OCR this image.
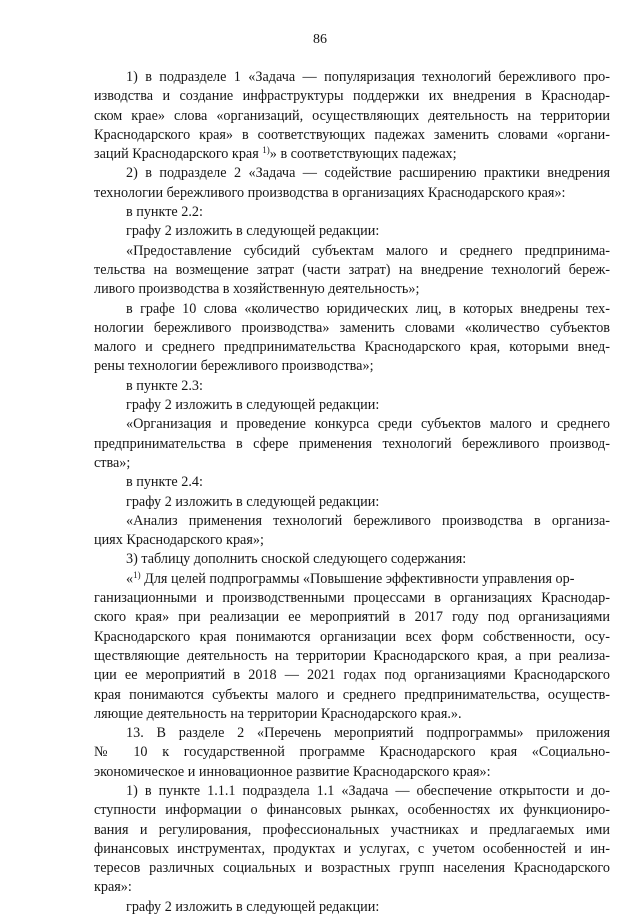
86
1) в подразделе 1 «Задача — популяризация технологий бережливого про-
изводства и создание инфраструктуры поддержки их внедрения в Краснодар-
ском крае» слова «организаций, осуществляющих деятельность на территории
Краснодарского края» в соответствующих падежах заменить словами «органи-
заций Краснодарского края $^{1)}$» в соответствующих падежах;
2) в подразделе 2 «Задача — содействие расширению практики внедрения
технологии бережливого производства в организациях Краснодарского края»:
в пункте 2.2:
графу 2 изложить в следующей редакции:
«Предоставление субсидий субъектам малого и среднего предпринима-
тельства на возмещение затрат (части затрат) на внедрение технологий береж-
ливого производства в хозяйственную деятельность»;
в графе 10 слова «количество юридических лиц, в которых внедрены тех-
нологии бережливого производства» заменить словами «количество субъектов
малого и среднего предпринимательства Краснодарского края, которыми внед-
рены технологии бережливого производства»;
в пункте 2.3:
графу 2 изложить в следующей редакции:
«Организация и проведение конкурса среди субъектов малого и среднего
предпринимательства в сфере применения технологий бережливого производ-
ства»;
в пункте 2.4:
графу 2 изложить в следующей редакции:
«Анализ применения технологий бережливого производства в организа-
циях Краснодарского края»;
3) таблицу дополнить сноской следующего содержания:
«$^{1)}$ Для целей подпрограммы «Повышение эффективности управления ор-
ганизационными и производственными процессами в организациях Краснодар-
ского края» при реализации ее мероприятий в 2017 году под организациями
Краснодарского края понимаются организации всех форм собственности, осу-
ществляющие деятельность на территории Краснодарского края, а при реализа-
ции ее мероприятий в 2018 — 2021 годах под организациями Краснодарского
края понимаются субъекты малого и среднего предпринимательства, осуществ-
ляющие деятельность на территории Краснодарского края.».
13. В разделе 2 «Перечень мероприятий подпрограммы» приложения
№ 10 к государственной программе Краснодарского края «Социально-
экономическое и инновационное развитие Краснодарского края»:
1) в пункте 1.1.1 подраздела 1.1 «Задача — обеспечение открытости и до-
ступности информации о финансовых рынках, особенностях их функциониро-
вания и регулирования, профессиональных участниках и предлагаемых ими
финансовых инструментах, продуктах и услугах, с учетом особенностей и ин-
тересов различных социальных и возрастных групп населения Краснодарского
края»:
графу 2 изложить в следующей редакции:
